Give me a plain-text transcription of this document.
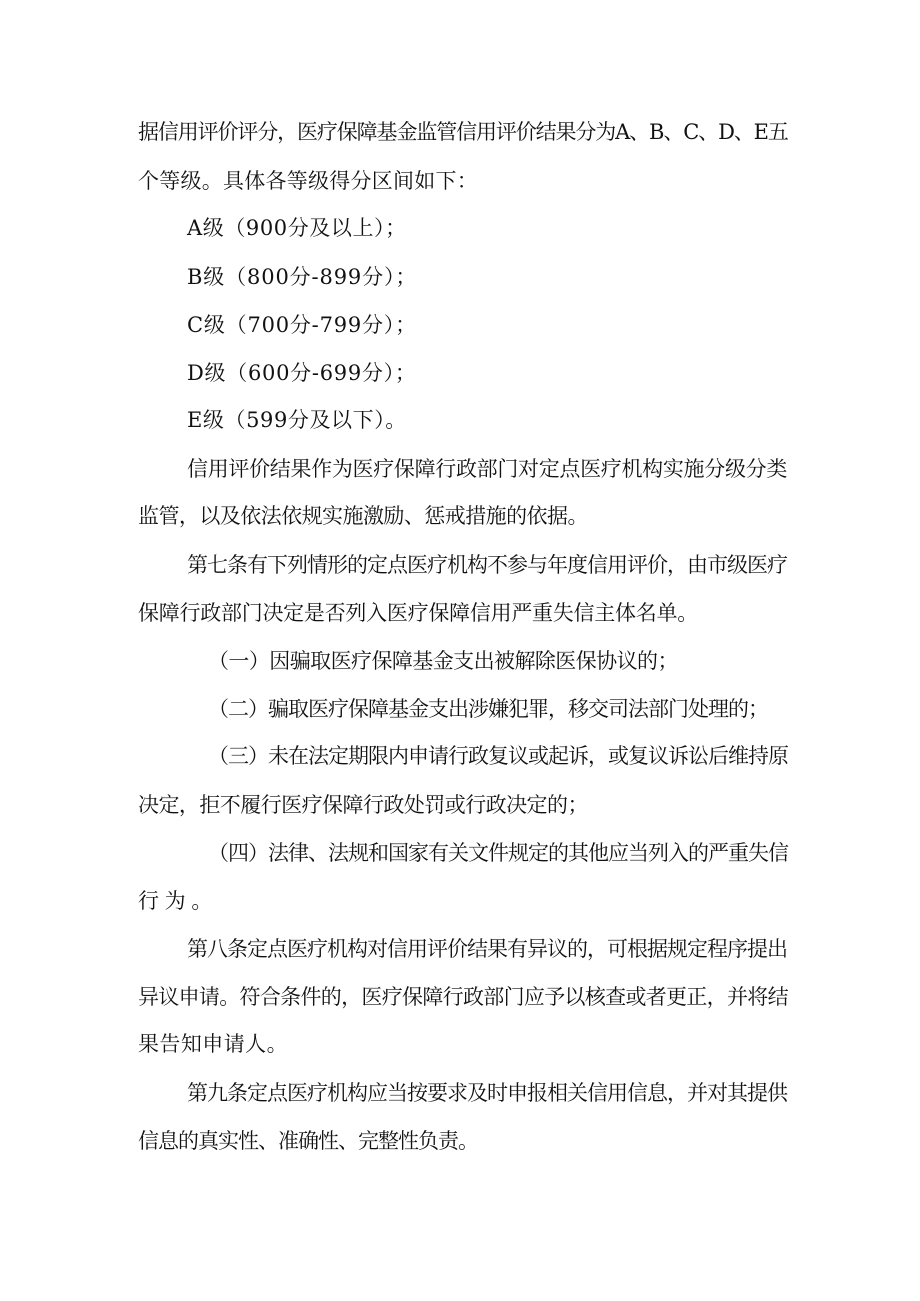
据信用评价评分，医疗保障基金监管信用评价结果分为A、B、C、D、E五
个等级。具体各等级得分区间如下：
A级（900分及以上）；
B级（800分-899分）；
C级（700分-799分）；
D级（600分-699分）；
E级（599分及以下）。
信用评价结果作为医疗保障行政部门对定点医疗机构实施分级分类
监管，以及依法依规实施激励、惩戒措施的依据。
第七条有下列情形的定点医疗机构不参与年度信用评价，由市级医疗
保障行政部门决定是否列入医疗保障信用严重失信主体名单。
（一）因骗取医疗保障基金支出被解除医保协议的；
（二）骗取医疗保障基金支出涉嫌犯罪，移交司法部门处理的；
（三）未在法定期限内申请行政复议或起诉，或复议诉讼后维持原
决定，拒不履行医疗保障行政处罚或行政决定的；
（四）法律、法规和国家有关文件规定的其他应当列入的严重失信
行为。
第八条定点医疗机构对信用评价结果有异议的，可根据规定程序提出
异议申请。符合条件的，医疗保障行政部门应予以核查或者更正，并将结
果告知申请人。
第九条定点医疗机构应当按要求及时申报相关信用信息，并对其提供
信息的真实性、准确性、完整性负责。
